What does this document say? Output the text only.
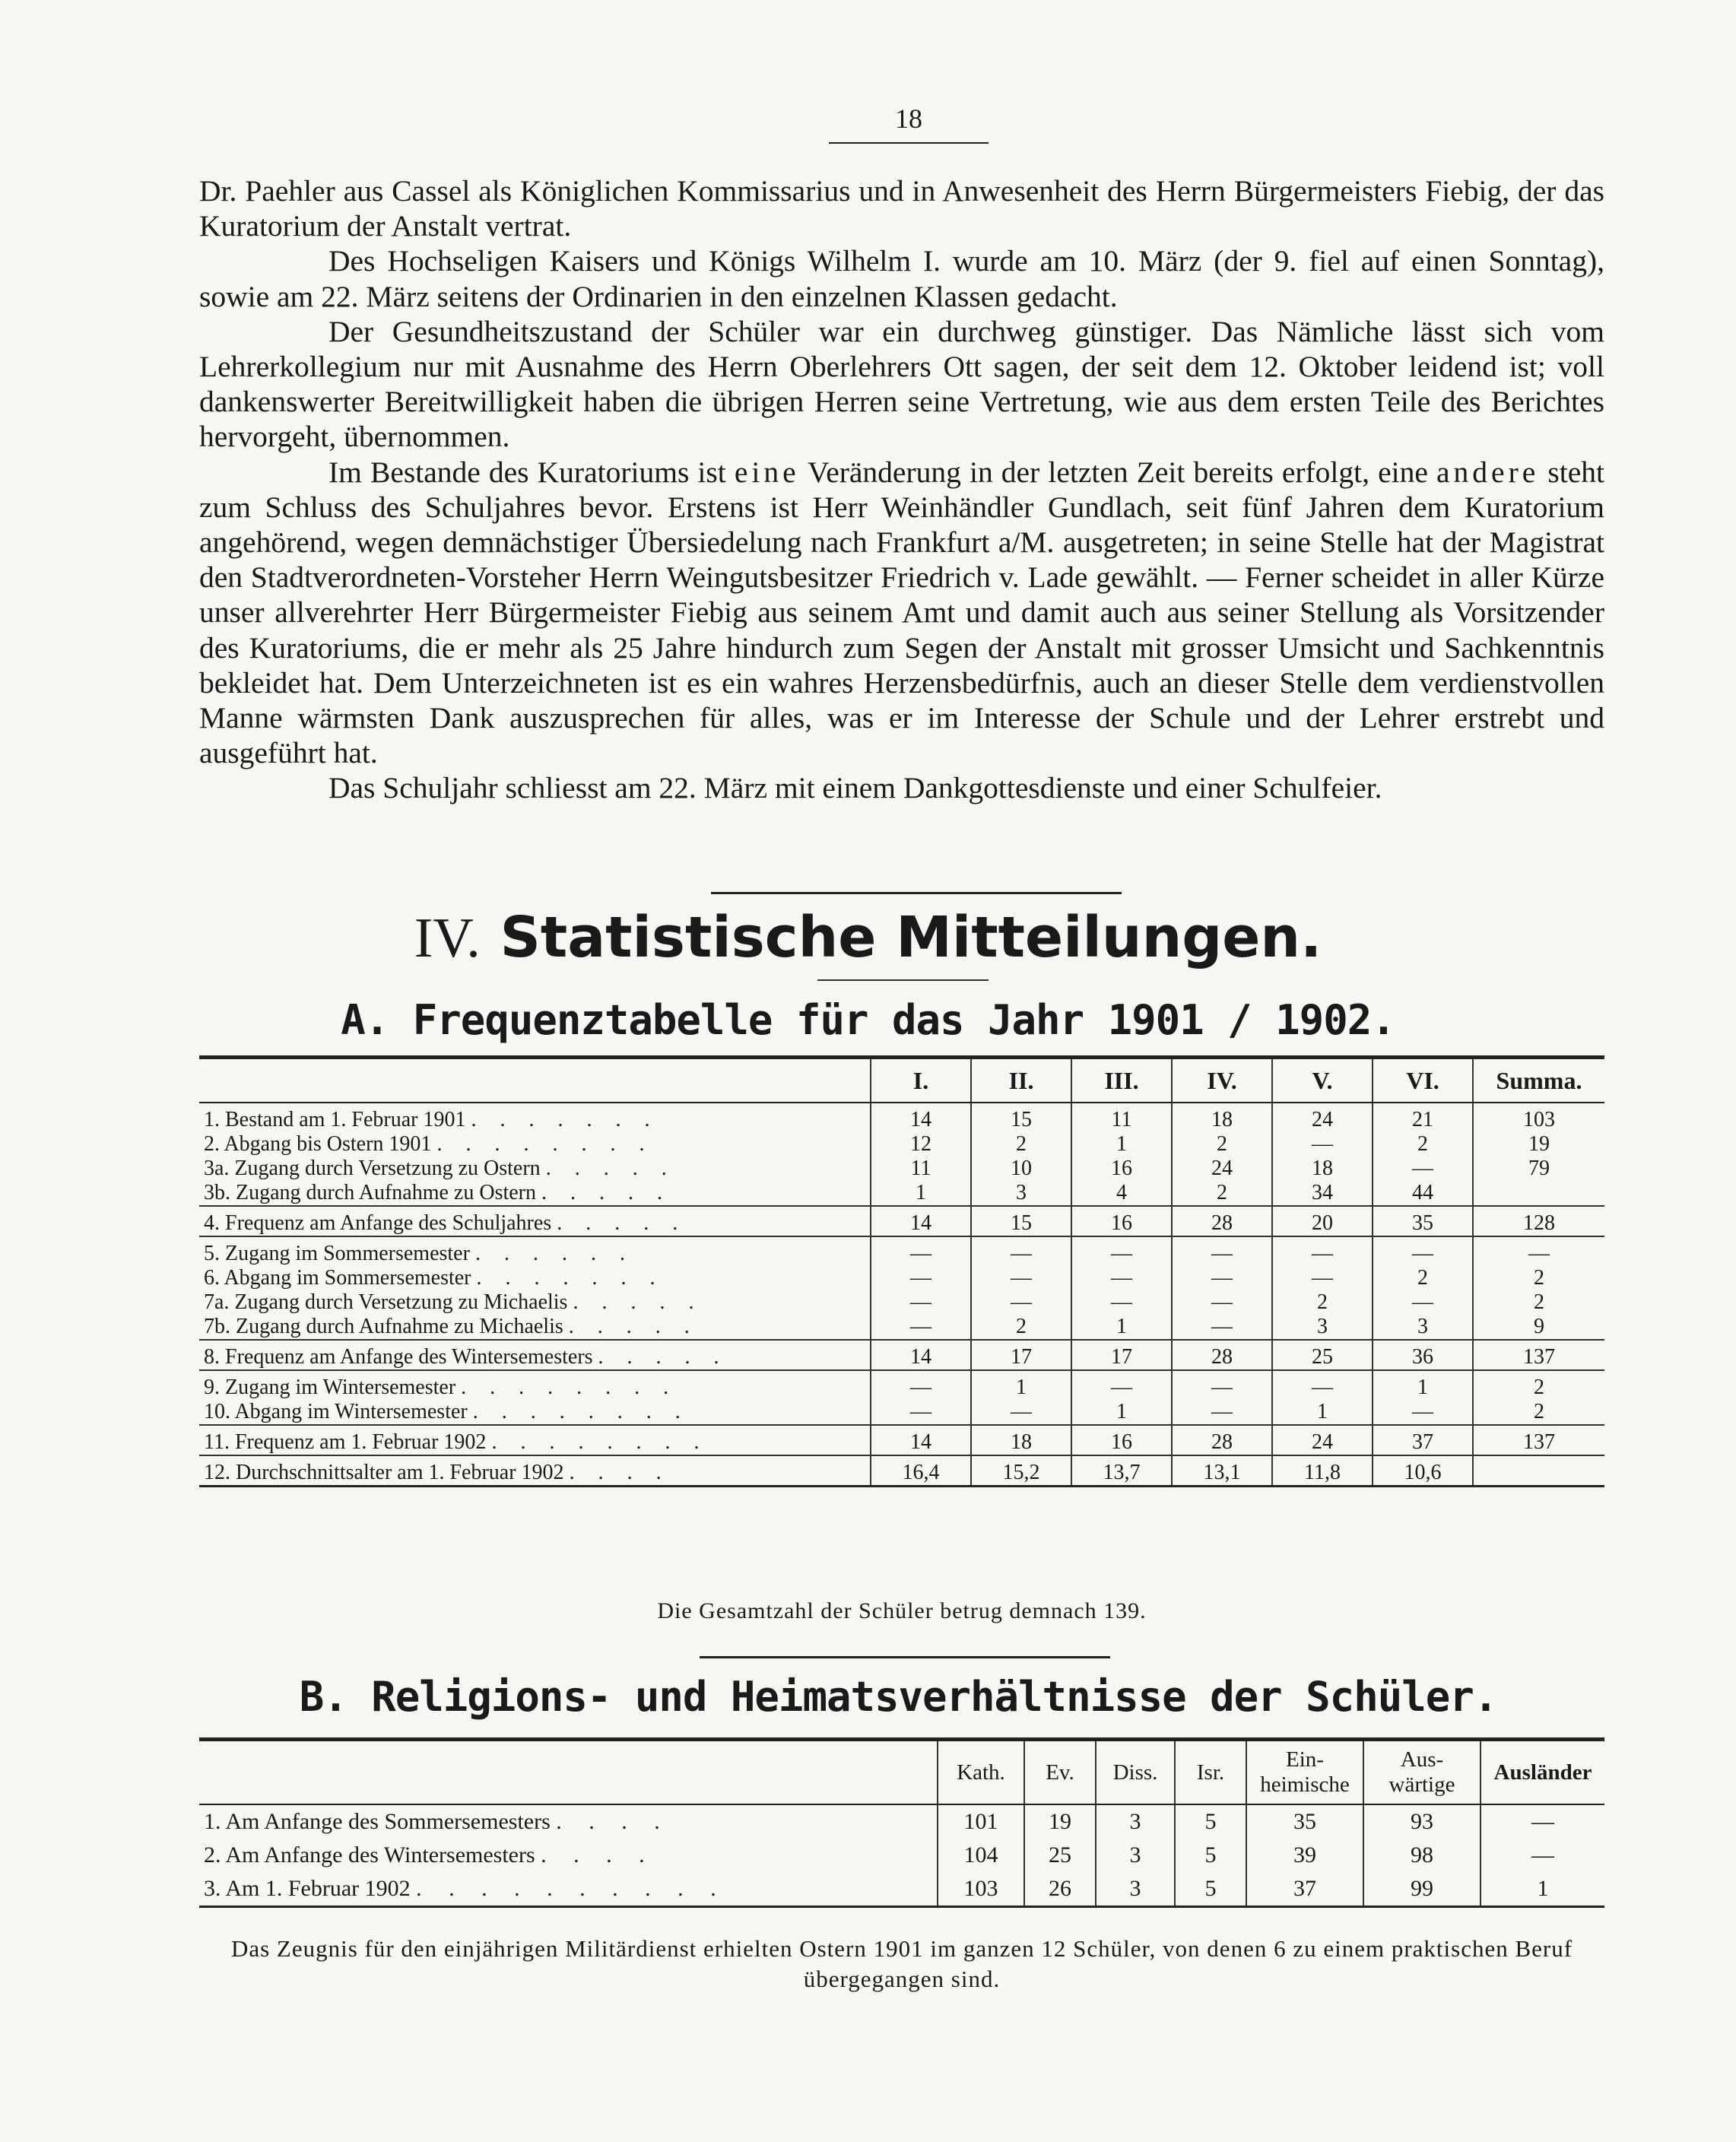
18

Dr. Paehler aus Cassel als Königlichen Kommissarius und in Anwesenheit des Herrn Bürgermeisters Fiebig, der das Kuratorium der Anstalt vertrat.

Des Hochseligen Kaisers und Königs Wilhelm I. wurde am 10. März (der 9. fiel auf einen Sonntag), sowie am 22. März seitens der Ordinarien in den einzelnen Klassen gedacht.

Der Gesundheitszustand der Schüler war ein durchweg günstiger. Das Nämliche lässt sich vom Lehrerkollegium nur mit Ausnahme des Herrn Oberlehrers Ott sagen, der seit dem 12. Oktober leidend ist; voll dankenswerter Bereitwilligkeit haben die übrigen Herren seine Vertretung, wie aus dem ersten Teile des Berichtes hervorgeht, übernommen.

Im Bestande des Kuratoriums ist eine Veränderung in der letzten Zeit bereits erfolgt, eine andere steht zum Schluss des Schuljahres bevor. Erstens ist Herr Weinhändler Gundlach, seit fünf Jahren dem Kuratorium angehörend, wegen demnächstiger Übersiedelung nach Frankfurt a/M. ausgetreten; in seine Stelle hat der Magistrat den Stadtverordneten-Vorsteher Herrn Weingutsbesitzer Friedrich v. Lade gewählt. — Ferner scheidet in aller Kürze unser allverehrter Herr Bürgermeister Fiebig aus seinem Amt und damit auch aus seiner Stellung als Vorsitzender des Kuratoriums, die er mehr als 25 Jahre hindurch zum Segen der Anstalt mit grosser Umsicht und Sachkenntnis bekleidet hat. Dem Unterzeichneten ist es ein wahres Herzensbedürfnis, auch an dieser Stelle dem verdienstvollen Manne wärmsten Dank auszusprechen für alles, was er im Interesse der Schule und der Lehrer erstrebt und ausgeführt hat.

Das Schuljahr schliesst am 22. März mit einem Dankgottesdienste und einer Schulfeier.

IV. Statistische Mitteilungen.
A. Frequenztabelle für das Jahr 1901 / 1902.
	I.	II.	III.	IV.	V.	VI.	Summa.
1. Bestand am 1. Februar 1901 . . . . . . .	14	15	11	18	24	21	103
2. Abgang bis Ostern 1901 . . . . . . . .	12	2	1	2	—	2	19
3a. Zugang durch Versetzung zu Ostern . . . . .	11	10	16	24	18	—	79
3b. Zugang durch Aufnahme zu Ostern . . . . .	1	3	4	2	34	44	
4. Frequenz am Anfange des Schuljahres . . . . .	14	15	16	28	20	35	128
5. Zugang im Sommersemester . . . . . .	—	—	—	—	—	—	—
6. Abgang im Sommersemester . . . . . . .	—	—	—	—	—	2	2
7a. Zugang durch Versetzung zu Michaelis . . . . .	—	—	—	—	2	—	2
7b. Zugang durch Aufnahme zu Michaelis . . . . .	—	2	1	—	3	3	9
8. Frequenz am Anfange des Wintersemesters . . . . .	14	17	17	28	25	36	137
9. Zugang im Wintersemester . . . . . . . .	—	1	—	—	—	1	2
10. Abgang im Wintersemester . . . . . . . .	—	—	1	—	1	—	2
11. Frequenz am 1. Februar 1902 . . . . . . . .	14	18	16	28	24	37	137
12. Durchschnittsalter am 1. Februar 1902 . . . .	16,4	15,2	13,7	13,1	11,8	10,6	
Die Gesamtzahl der Schüler betrug demnach 139.
B. Religions- und Heimatsverhältnisse der Schüler.
	Kath.	Ev.	Diss.	Isr.	Ein-heimische	Aus-wärtige	Ausländer
1. Am Anfange des Sommersemesters . . . .	101	19	3	5	35	93	—
2. Am Anfange des Wintersemesters . . . .	104	25	3	5	39	98	—
3. Am 1. Februar 1902 . . . . . . . . . .	103	26	3	5	37	99	1
Das Zeugnis für den einjährigen Militärdienst erhielten Ostern 1901 im ganzen 12 Schüler, von denen 6 zu einem praktischen Beruf übergegangen sind.
